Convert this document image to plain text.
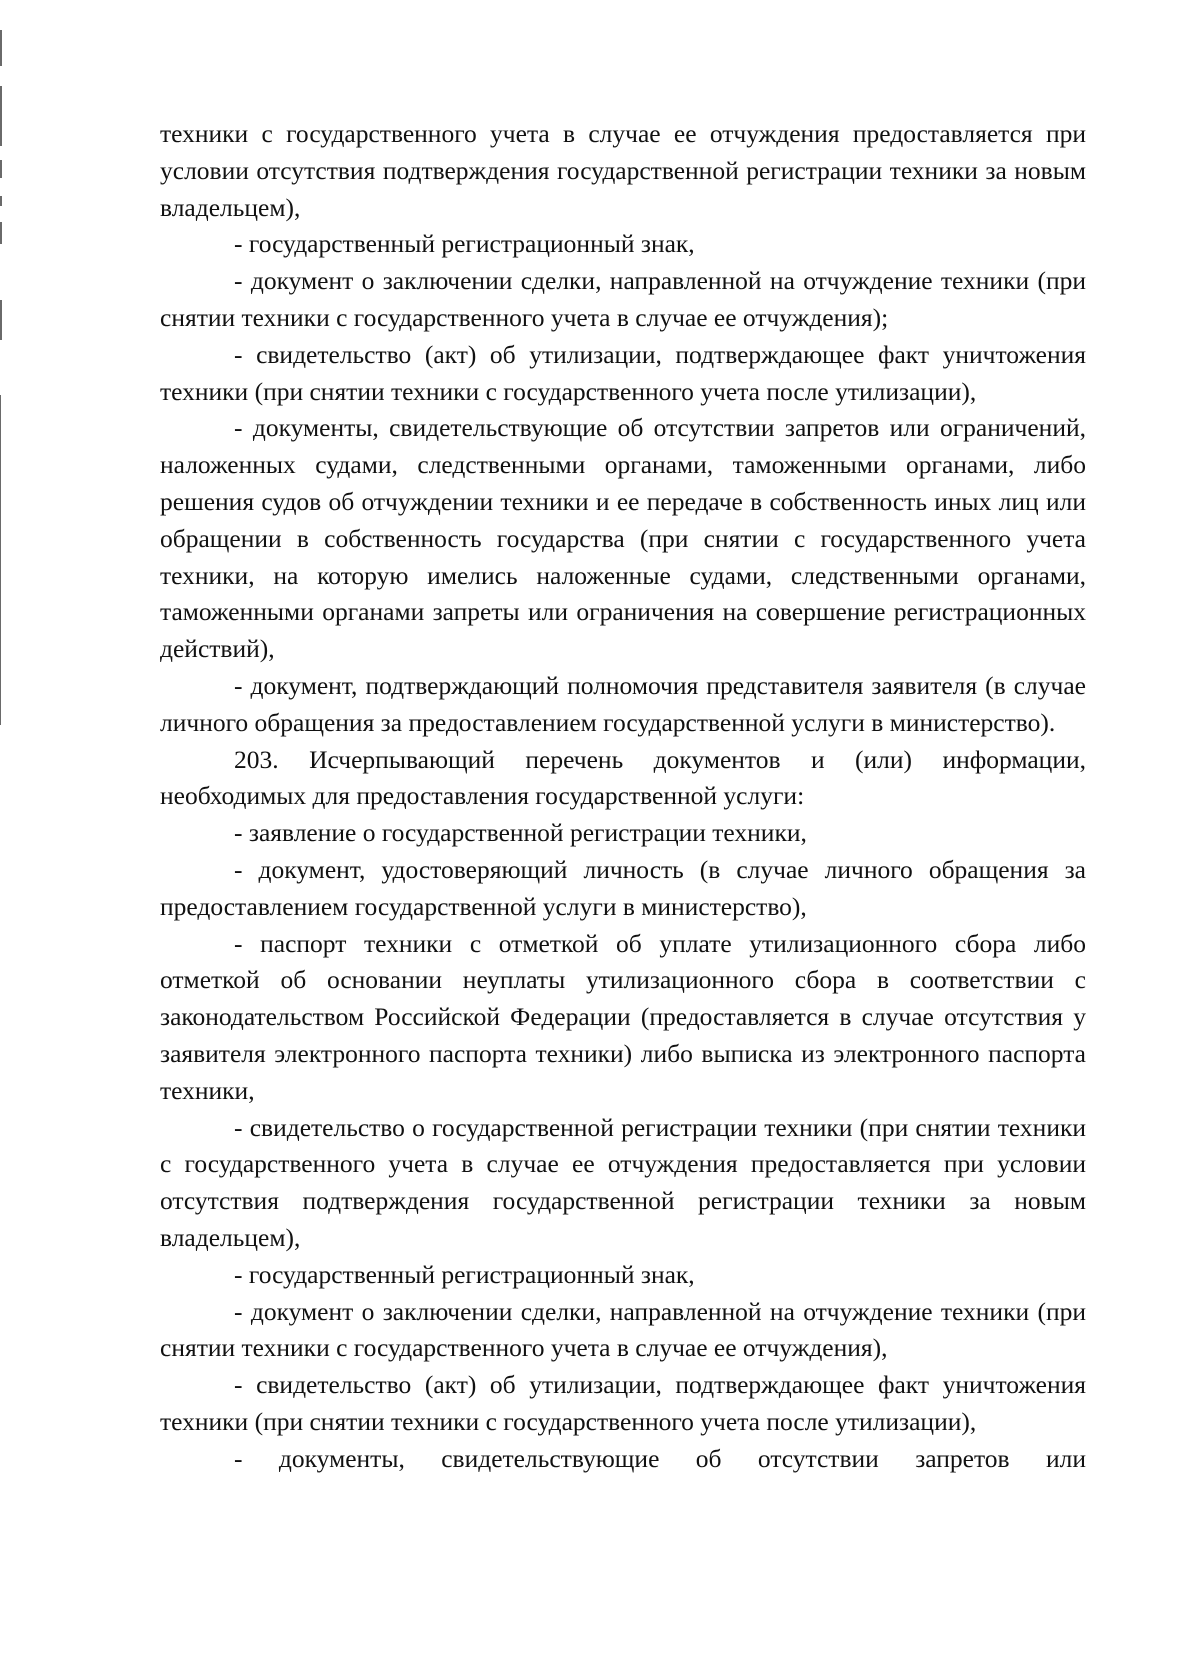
техники с государственного учета в случае ее отчуждения предоставляется при условии отсутствия подтверждения государственной регистрации техники за новым владельцем),

- государственный регистрационный знак,

- документ о заключении сделки, направленной на отчуждение техники (при снятии техники с государственного учета в случае ее отчуждения);

- свидетельство (акт) об утилизации, подтверждающее факт уничтожения техники (при снятии техники с государственного учета после утилизации),

- документы, свидетельствующие об отсутствии запретов или ограничений, наложенных судами, следственными органами, таможенными органами, либо решения судов об отчуждении техники и ее передаче в собственность иных лиц или обращении в собственность государства (при снятии с государственного учета техники, на которую имелись наложенные судами, следственными органами, таможенными органами запреты или ограничения на совершение регистрационных действий),

- документ, подтверждающий полномочия представителя заявителя (в случае личного обращения за предоставлением государственной услуги в министерство).

203. Исчерпывающий перечень документов и (или) информации, необходимых для предоставления государственной услуги:

- заявление о государственной регистрации техники,

- документ, удостоверяющий личность (в случае личного обращения за предоставлением государственной услуги в министерство),

- паспорт техники с отметкой об уплате утилизационного сбора либо отметкой об основании неуплаты утилизационного сбора в соответствии с законодательством Российской Федерации (предоставляется в случае отсутствия у заявителя электронного паспорта техники) либо выписка из электронного паспорта техники,

- свидетельство о государственной регистрации техники (при снятии техники с государственного учета в случае ее отчуждения предоставляется при условии отсутствия подтверждения государственной регистрации техники за новым владельцем),

- государственный регистрационный знак,

- документ о заключении сделки, направленной на отчуждение техники (при снятии техники с государственного учета в случае ее отчуждения),

- свидетельство (акт) об утилизации, подтверждающее факт уничтожения техники (при снятии техники с государственного учета после утилизации),

- документы, свидетельствующие об отсутствии запретов или
